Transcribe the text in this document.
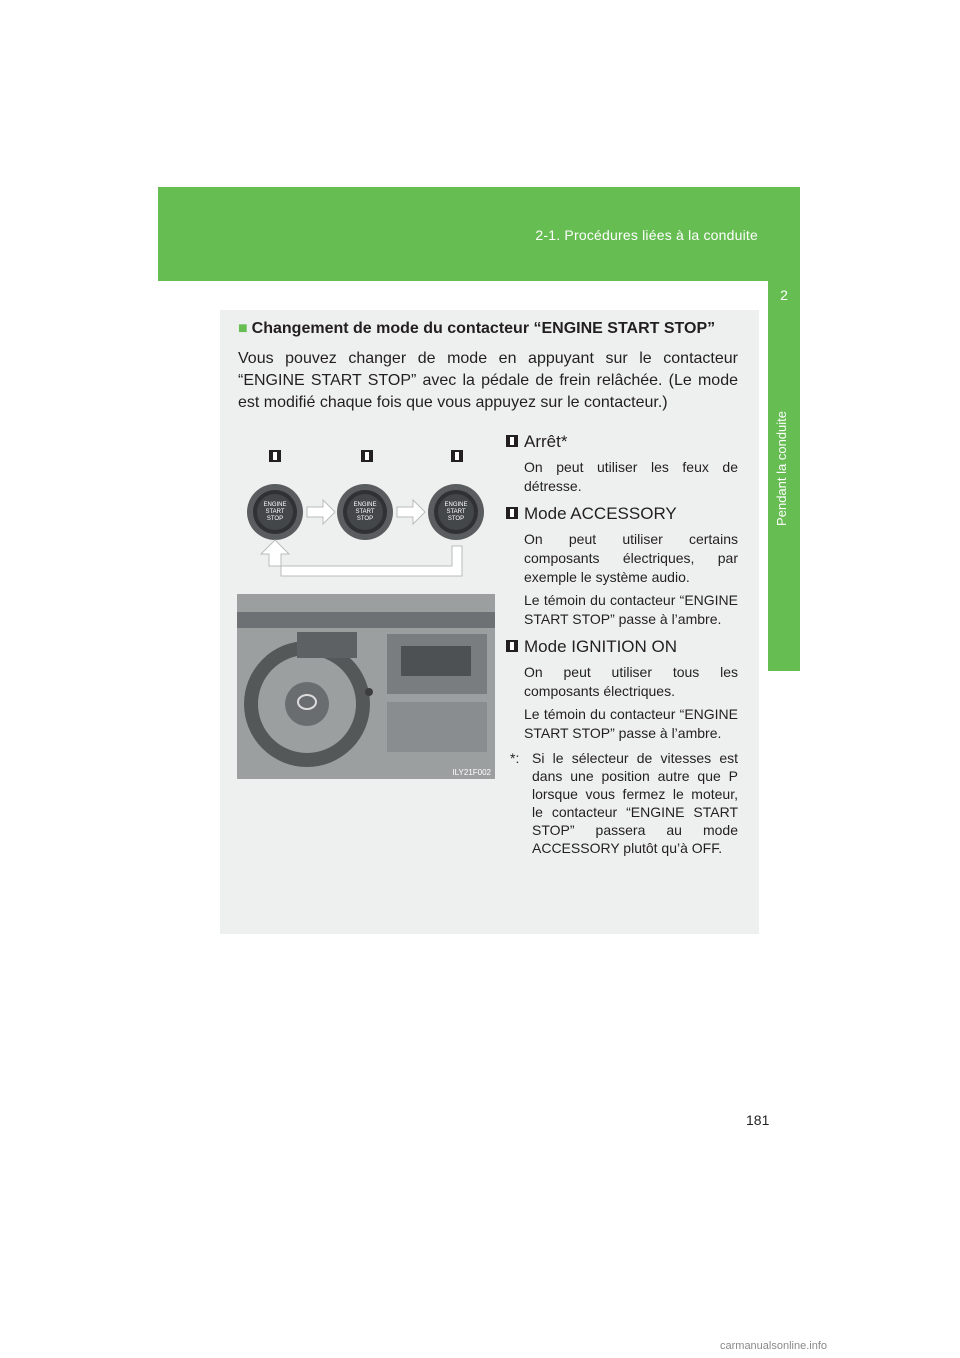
2-1. Procédures liées à la conduite
2
Pendant la conduite
■ Changement de mode du contacteur “ENGINE START STOP”
Vous pouvez changer de mode en appuyant sur le contacteur “ENGINE START STOP” avec la pédale de frein relâchée. (Le mode est modifié chaque fois que vous appuyez sur le contacteur.)
ENGINE
START
STOP
ENGINE
START
STOP
ENGINE
START
STOP
ILY21F002
Arrêt*
On peut utiliser les feux de détresse.
Mode ACCESSORY
On peut utiliser certains composants électriques, par exemple le système audio.
Le témoin du contacteur “ENGINE START STOP” passe à l’ambre.
Mode IGNITION ON
On peut utiliser tous les composants électriques.
Le témoin du contacteur “ENGINE START STOP” passe à l’ambre.
*: Si le sélecteur de vitesses est dans une position autre que P lorsque vous fermez le moteur, le contacteur “ENGINE START STOP” passera au mode ACCESSORY plutôt qu’à OFF.
181
carmanualsonline.info
